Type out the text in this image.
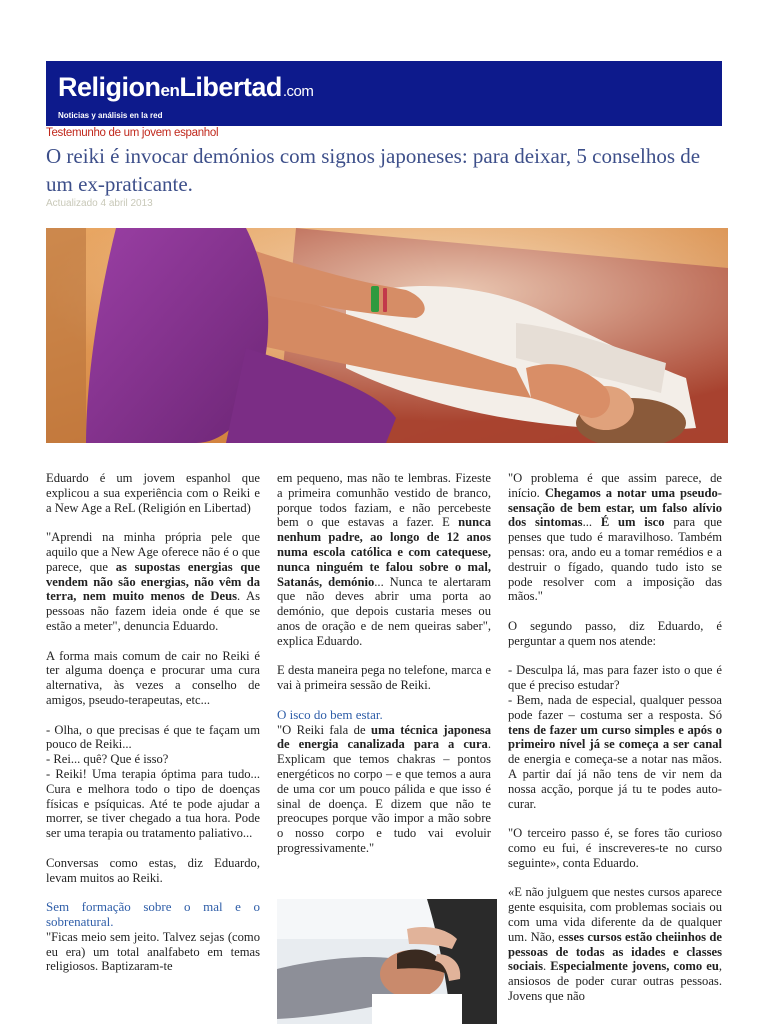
ReligionenLibertad.com
Noticias y análisis en la red
Testemunho de um jovem espanhol
O reiki é invocar demónios com signos japoneses: para deixar, 5 conselhos de um ex-praticante.
Actualizado 4 abril 2013

Eduardo é um jovem espanhol que explicou a sua experiência com o Reiki e a New Age a ReL (Religión en Libertad)

"Aprendi na minha própria pele que aquilo que a New Age oferece não é o que parece, que as supostas energias que vendem não são energias, não vêm da terra, nem muito menos de Deus. As pessoas não fazem ideia onde é que se estão a meter", denuncia Eduardo.

A forma mais comum de cair no Reiki é ter alguma doença e procurar uma cura alternativa, às vezes a conselho de amigos, pseudo-terapeutas, etc...

- Olha, o que precisas é que te façam um pouco de Reiki...

- Rei... quê? Que é isso?

- Reiki! Uma terapia óptima para tudo... Cura e melhora todo o tipo de doenças físicas e psíquicas. Até te pode ajudar a morrer, se tiver chegado a tua hora. Pode ser uma terapia ou tratamento paliativo...

Conversas como estas, diz Eduardo, levam muitos ao Reiki.

Sem formação sobre o mal e o sobrenatural.

"Ficas meio sem jeito. Talvez sejas (como eu era) um total analfabeto em temas religiosos. Baptizaram-te

em pequeno, mas não te lembras. Fizeste a primeira comunhão vestido de branco, porque todos faziam, e não percebeste bem o que estavas a fazer. E nunca nenhum padre, ao longo de 12 anos numa escola católica e com catequese, nunca ninguém te falou sobre o mal, Satanás, demónio... Nunca te alertaram que não deves abrir uma porta ao demónio, que depois custaria meses ou anos de oração e de nem queiras saber", explica Eduardo.

E desta maneira pega no telefone, marca e vai à primeira sessão de Reiki.

O isco do bem estar.

"O Reiki fala de uma técnica japonesa de energia canalizada para a cura. Explicam que temos chakras – pontos energéticos no corpo – e que temos a aura de uma cor um pouco pálida e que isso é sinal de doença. E dizem que não te preocupes porque vão impor a mão sobre o nosso corpo e tudo vai evoluir progressivamente."

"O problema é que assim parece, de início. Chegamos a notar uma pseudo-sensação de bem estar, um falso alívio dos sintomas... É um isco para que penses que tudo é maravilhoso. Também pensas: ora, ando eu a tomar remédios e a destruir o fígado, quando tudo isto se pode resolver com a imposição das mãos."

O segundo passo, diz Eduardo, é perguntar a quem nos atende:

- Desculpa lá, mas para fazer isto o que é que é preciso estudar?

- Bem, nada de especial, qualquer pessoa pode fazer – costuma ser a resposta. Só tens de fazer um curso simples e após o primeiro nível já se começa a ser canal de energia e começa-se a notar nas mãos. A partir daí já não tens de vir nem da nossa acção, porque já tu te podes auto-curar.

"O terceiro passo é, se fores tão curioso como eu fui, é inscreveres-te no curso seguinte», conta Eduardo.

«E não julguem que nestes cursos aparece gente esquisita, com problemas sociais ou com uma vida diferente da de qualquer um. Não, esses cursos estão cheiinhos de pessoas de todas as idades e classes sociais. Especialmente jovens, como eu, ansiosos de poder curar outras pessoas. Jovens que não
